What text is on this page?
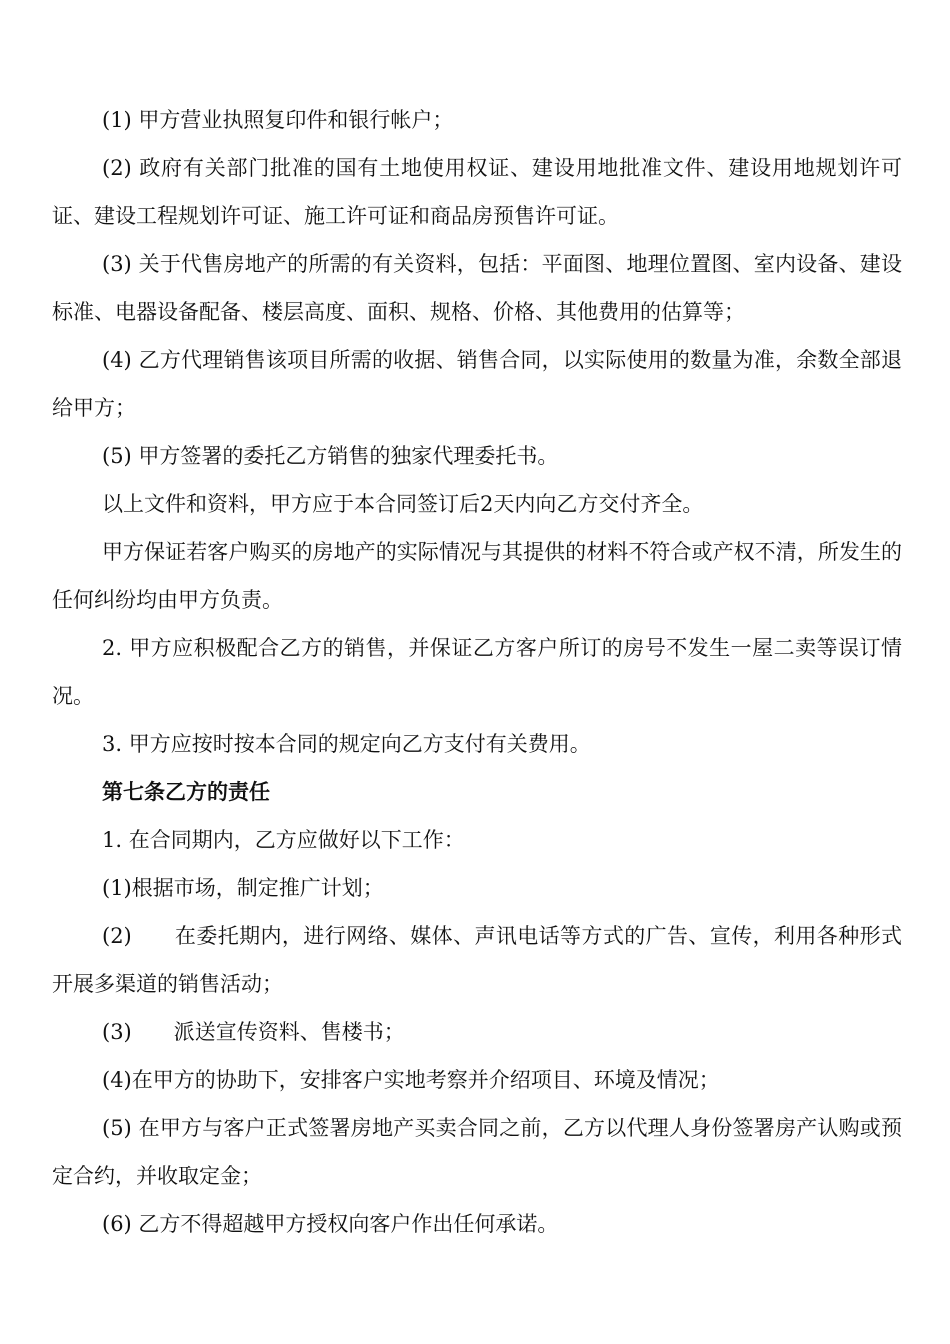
(1) 甲方营业执照复印件和银行帐户；

(2) 政府有关部门批准的国有土地使用权证、建设用地批准文件、建设用地规划许可证、建设工程规划许可证、施工许可证和商品房预售许可证。

(3) 关于代售房地产的所需的有关资料，包括：平面图、地理位置图、室内设备、建设标准、电器设备配备、楼层高度、面积、规格、价格、其他费用的估算等；

(4) 乙方代理销售该项目所需的收据、销售合同，以实际使用的数量为准，余数全部退给甲方；

(5) 甲方签署的委托乙方销售的独家代理委托书。

以上文件和资料，甲方应于本合同签订后2天内向乙方交付齐全。

甲方保证若客户购买的房地产的实际情况与其提供的材料不符合或产权不清，所发生的任何纠纷均由甲方负责。

2. 甲方应积极配合乙方的销售，并保证乙方客户所订的房号不发生一屋二卖等误订情况。

3. 甲方应按时按本合同的规定向乙方支付有关费用。

第七条乙方的责任

1. 在合同期内，乙方应做好以下工作：

(1)根据市场，制定推广计划；

(2)　　在委托期内，进行网络、媒体、声讯电话等方式的广告、宣传，利用各种形式开展多渠道的销售活动；

(3)　　派送宣传资料、售楼书；

(4)在甲方的协助下，安排客户实地考察并介绍项目、环境及情况；

(5) 在甲方与客户正式签署房地产买卖合同之前，乙方以代理人身份签署房产认购或预定合约，并收取定金；

(6) 乙方不得超越甲方授权向客户作出任何承诺。
